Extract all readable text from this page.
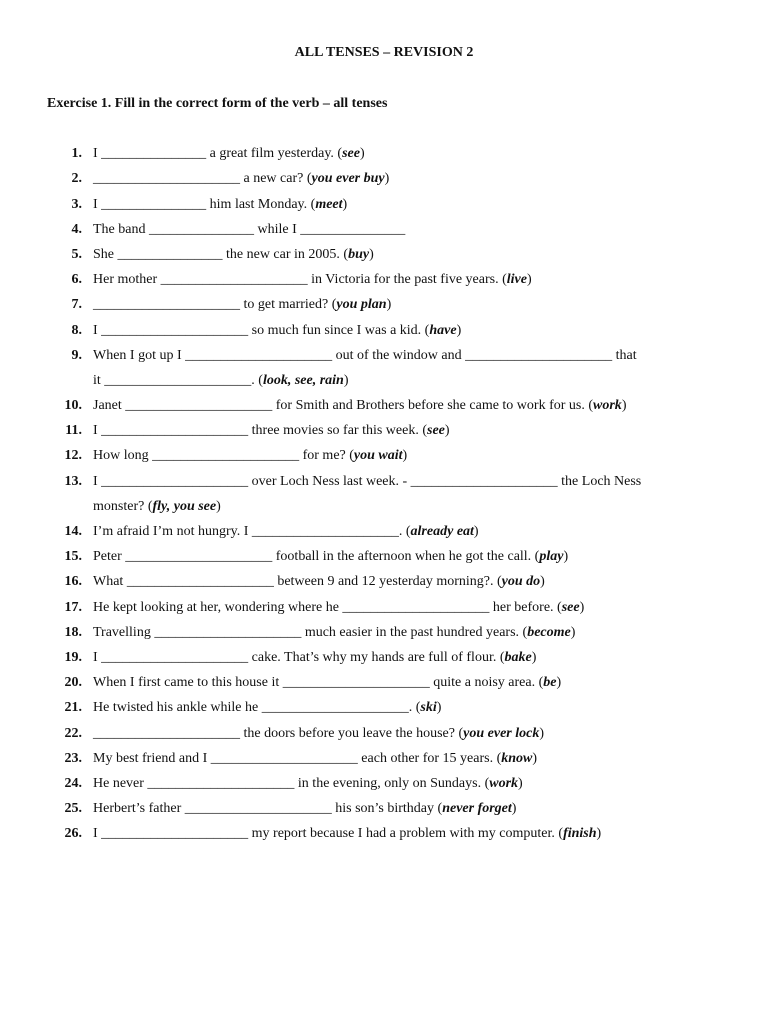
ALL TENSES – REVISION 2
Exercise 1. Fill in the correct form of the verb – all tenses
1. I _______________ a great film yesterday. (see)
2. _____________________ a new car? (you ever buy)
3. I _______________ him last Monday. (meet)
4. The band _______________ while I _______________
5. She _______________ the new car in 2005. (buy)
6. Her mother _____________________ in Victoria for the past five years. (live)
7. _____________________ to get married? (you plan)
8. I _____________________ so much fun since I was a kid. (have)
9. When I got up I _____________________ out of the window and _____________________ that
it _____________________. (look, see, rain)
10. Janet _____________________ for Smith and Brothers before she came to work for us. (work)
11. I _____________________ three movies so far this week. (see)
12. How long _____________________ for me? (you wait)
13. I _____________________ over Loch Ness last week. - _____________________ the Loch Ness
monster? (fly, you see)
14. I’m afraid I’m not hungry. I _____________________. (already eat)
15. Peter _____________________ football in the afternoon when he got the call. (play)
16. What _____________________ between 9 and 12 yesterday morning?. (you do)
17. He kept looking at her, wondering where he _____________________ her before. (see)
18. Travelling _____________________ much easier in the past hundred years. (become)
19. I _____________________ cake. That’s why my hands are full of flour. (bake)
20. When I first came to this house it _____________________ quite a noisy area. (be)
21. He twisted his ankle while he _____________________. (ski)
22. _____________________ the doors before you leave the house? (you ever lock)
23. My best friend and I _____________________ each other for 15 years. (know)
24. He never _____________________ in the evening, only on Sundays. (work)
25. Herbert’s father _____________________ his son’s birthday (never forget)
26. I _____________________ my report because I had a problem with my computer. (finish)
